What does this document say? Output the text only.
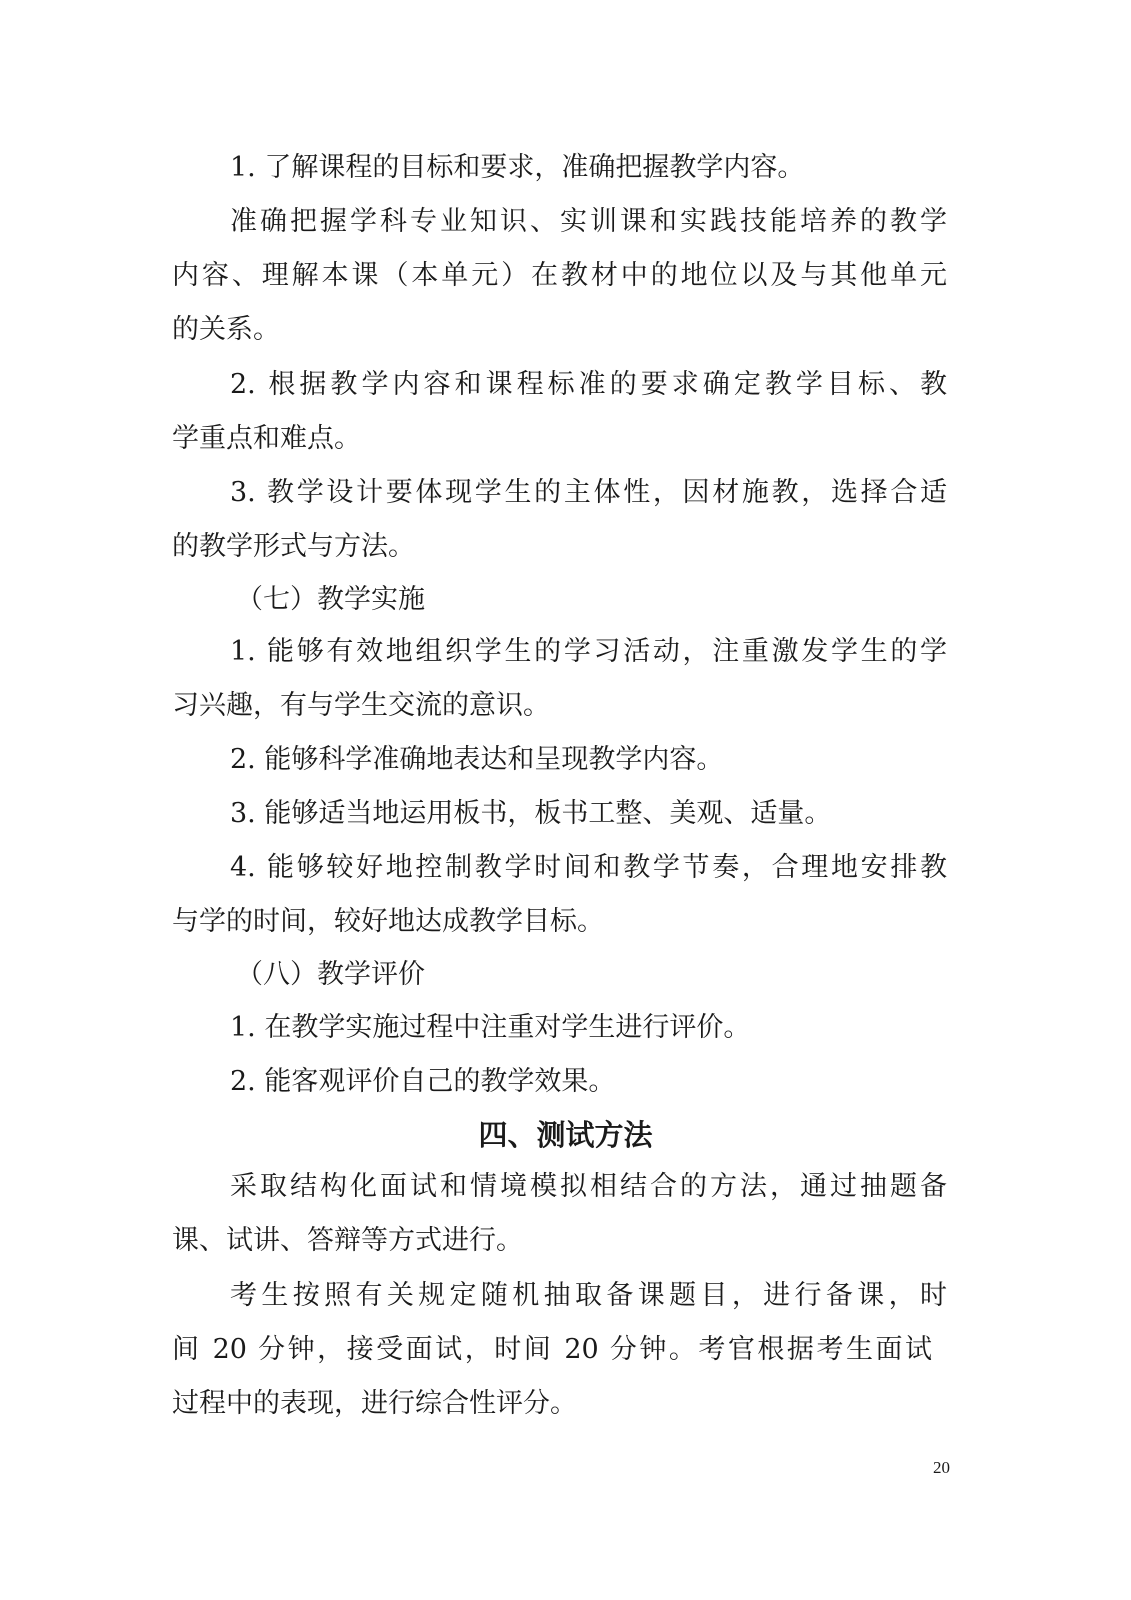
1. 了解课程的目标和要求，准确把握教学内容。

准确把握学科专业知识、实训课和实践技能培养的教学

内容、理解本课（本单元）在教材中的地位以及与其他单元

的关系。

2. 根据教学内容和课程标准的要求确定教学目标、教

学重点和难点。

3. 教学设计要体现学生的主体性，因材施教，选择合适

的教学形式与方法。

（七）教学实施

1. 能够有效地组织学生的学习活动，注重激发学生的学

习兴趣，有与学生交流的意识。

2. 能够科学准确地表达和呈现教学内容。

3. 能够适当地运用板书，板书工整、美观、适量。

4. 能够较好地控制教学时间和教学节奏，合理地安排教

与学的时间，较好地达成教学目标。

（八）教学评价

1. 在教学实施过程中注重对学生进行评价。

2. 能客观评价自己的教学效果。

四、测试方法

采取结构化面试和情境模拟相结合的方法，通过抽题备

课、试讲、答辩等方式进行。

考生按照有关规定随机抽取备课题目，进行备课，时

间 20 分钟，接受面试，时间 20 分钟。考官根据考生面试

过程中的表现，进行综合性评分。

20
